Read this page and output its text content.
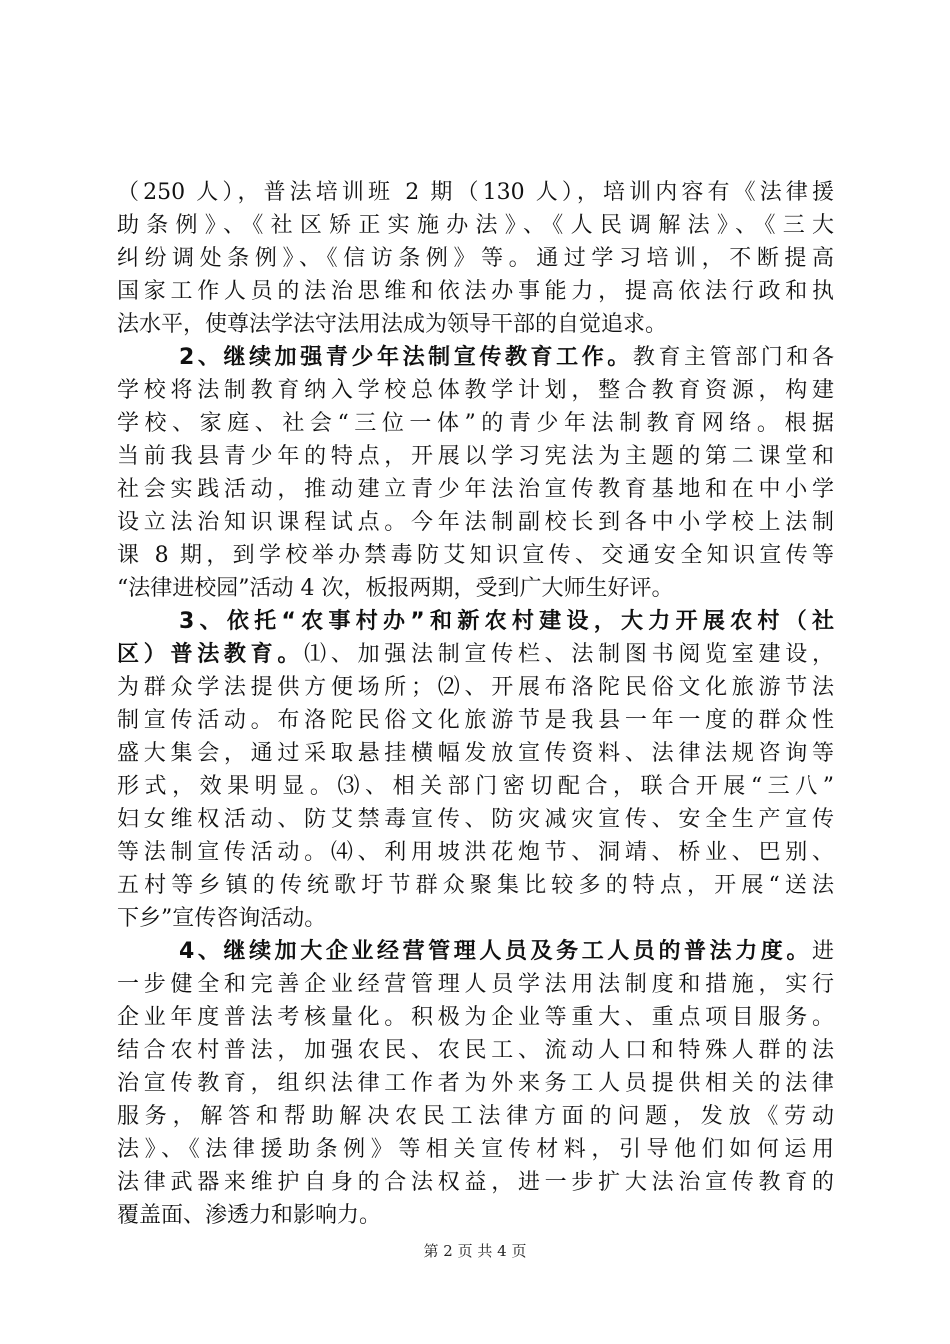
（250 人），普法培训班 2 期（130 人），培训内容有《法律援
助条例》、《社区矫正实施办法》、《人民调解法》、《三大
纠纷调处条例》、《信访条例》等。通过学习培训，不断提高
国家工作人员的法治思维和依法办事能力，提高依法行政和执
法水平，使尊法学法守法用法成为领导干部的自觉追求。
2、继续加强青少年法制宣传教育工作。教育主管部门和各
学校将法制教育纳入学校总体教学计划，整合教育资源，构建
学校、家庭、社会“三位一体”的青少年法制教育网络。根据
当前我县青少年的特点，开展以学习宪法为主题的第二课堂和
社会实践活动，推动建立青少年法治宣传教育基地和在中小学
设立法治知识课程试点。今年法制副校长到各中小学校上法制
课 8 期，到学校举办禁毒防艾知识宣传、交通安全知识宣传等
“法律进校园”活动 4 次，板报两期，受到广大师生好评。
3、依托“农事村办”和新农村建设，大力开展农村（社
区）普法教育。⑴、加强法制宣传栏、法制图书阅览室建设，
为群众学法提供方便场所；⑵、开展布洛陀民俗文化旅游节法
制宣传活动。布洛陀民俗文化旅游节是我县一年一度的群众性
盛大集会，通过采取悬挂横幅发放宣传资料、法律法规咨询等
形式，效果明显。⑶、相关部门密切配合，联合开展“三八”
妇女维权活动、防艾禁毒宣传、防灾减灾宣传、安全生产宣传
等法制宣传活动。⑷、利用坡洪花炮节、洞靖、桥业、巴别、
五村等乡镇的传统歌圩节群众聚集比较多的特点，开展“送法
下乡”宣传咨询活动。
4、继续加大企业经营管理人员及务工人员的普法力度。进
一步健全和完善企业经营管理人员学法用法制度和措施，实行
企业年度普法考核量化。积极为企业等重大、重点项目服务。
结合农村普法，加强农民、农民工、流动人口和特殊人群的法
治宣传教育，组织法律工作者为外来务工人员提供相关的法律
服务，解答和帮助解决农民工法律方面的问题，发放《劳动
法》、《法律援助条例》等相关宣传材料，引导他们如何运用
法律武器来维护自身的合法权益，进一步扩大法治宣传教育的
覆盖面、渗透力和影响力。
第 2 页 共 4 页
